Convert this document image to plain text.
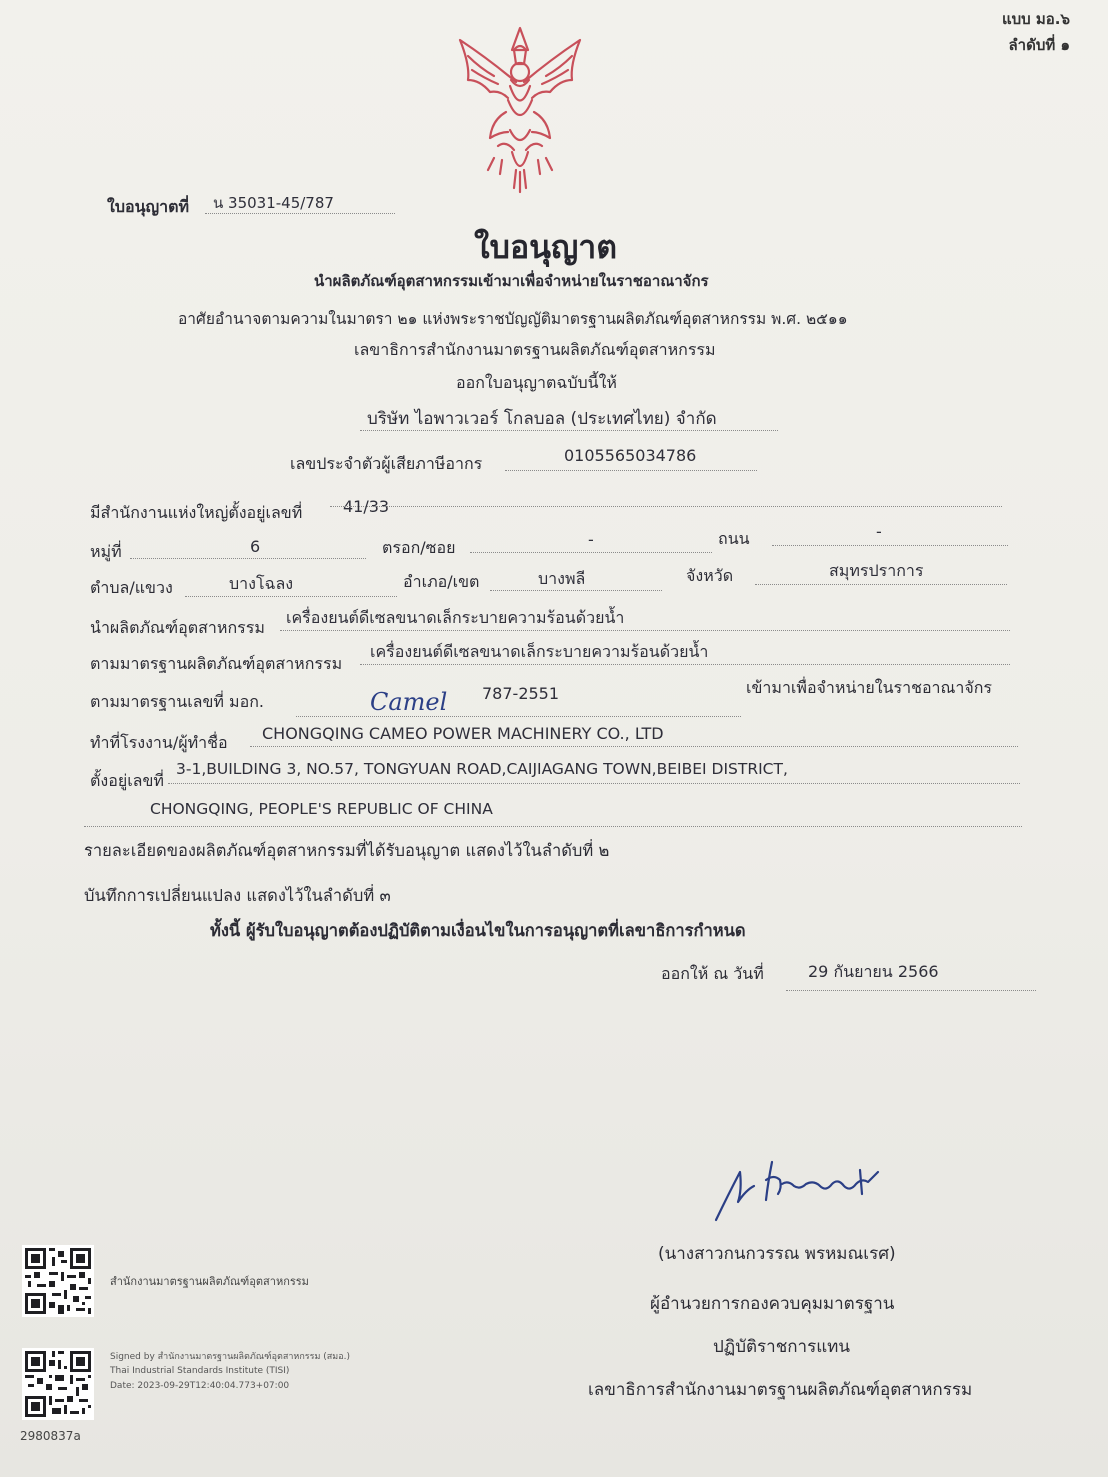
แบบ มอ.๖
ลำดับที่ ๑
ใบอนุญาตที่ น 35031-45/787
ใบอนุญาต
นำผลิตภัณฑ์อุตสาหกรรมเข้ามาเพื่อจำหน่ายในราชอาณาจักร
อาศัยอำนาจตามความในมาตรา ๒๑ แห่งพระราชบัญญัติมาตรฐานผลิตภัณฑ์อุตสาหกรรม พ.ศ. ๒๕๑๑
เลขาธิการสำนักงานมาตรฐานผลิตภัณฑ์อุตสาหกรรม
ออกใบอนุญาตฉบับนี้ให้
บริษัท ไอพาวเวอร์ โกลบอล (ประเทศไทย) จำกัด
เลขประจำตัวผู้เสียภาษีอากร	0105565034786
มีสำนักงานแห่งใหญ่ตั้งอยู่เลขที่	41/33
หมู่ที่	6	ตรอก/ซอย	-	ถนน	-
ตำบล/แขวง	บางโฉลง	อำเภอ/เขต	บางพลี	จังหวัด	สมุทรปราการ
นำผลิตภัณฑ์อุตสาหกรรม
เครื่องยนต์ดีเซลขนาดเล็กระบายความร้อนด้วยน้ำ
ตามมาตรฐานผลิตภัณฑ์อุตสาหกรรม
เครื่องยนต์ดีเซลขนาดเล็กระบายความร้อนด้วยน้ำ
ตามมาตรฐานเลขที่ มอก.	Camel 787-2551	เข้ามาเพื่อจำหน่ายในราชอาณาจักร
ทำที่โรงงาน/ผู้ทำชื่อ CHONGQING CAMEO POWER MACHINERY CO., LTD
ตั้งอยู่เลขที่
3-1,BUILDING 3, NO.57, TONGYUAN ROAD,CAIJIAGANG TOWN,BEIBEI DISTRICT,
CHONGQING, PEOPLE'S REPUBLIC OF CHINA
รายละเอียดของผลิตภัณฑ์อุตสาหกรรมที่ได้รับอนุญาต แสดงไว้ในลำดับที่ ๒
บันทึกการเปลี่ยนแปลง แสดงไว้ในลำดับที่ ๓
ทั้งนี้ ผู้รับใบอนุญาตต้องปฏิบัติตามเงื่อนไขในการอนุญาตที่เลขาธิการกำหนด
ออกให้ ณ วันที่	29 กันยายน 2566
(นางสาวกนกวรรณ พรหมณเรศ)
ผู้อำนวยการกองควบคุมมาตรฐาน
ปฏิบัติราชการแทน
เลขาธิการสำนักงานมาตรฐานผลิตภัณฑ์อุตสาหกรรม
สำนักงานมาตรฐานผลิตภัณฑ์อุตสาหกรรม
Signed by สำนักงานมาตรฐานผลิตภัณฑ์อุตสาหกรรม (สมอ.)
Thai Industrial Standards Institute (TISI)
Date: 2023-09-29T12:40:04.773+07:00
2980837a
